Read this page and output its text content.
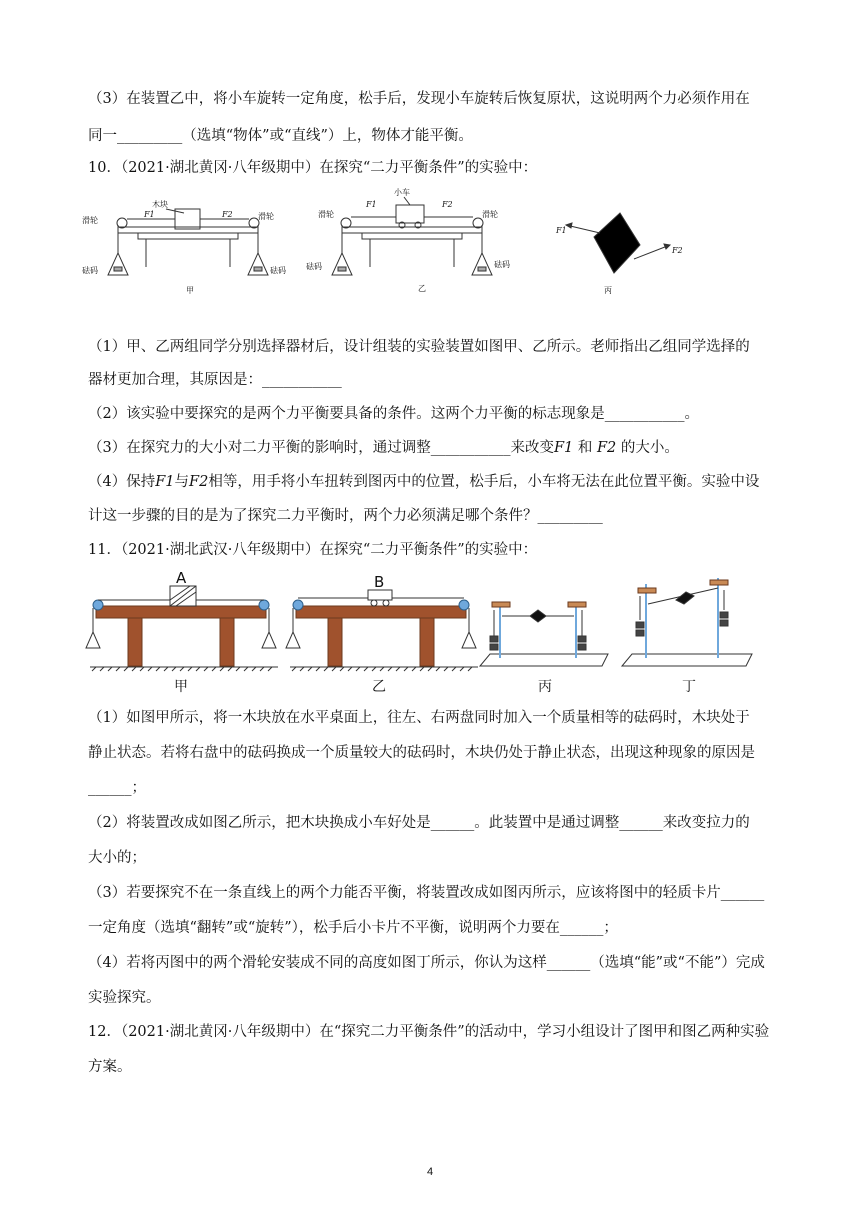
（3）在装置乙中，将小车旋转一定角度，松手后，发现小车旋转后恢复原状，这说明两个力必须作用在
同一_________（选填“物体”或“直线”）上，物体才能平衡。
10．（2021·湖北黄冈·八年级期中）在探究“二力平衡条件”的实验中：
滑轮	滑轮
木块
F1	F2
砝码	砝码
甲
滑轮	滑轮
小车
F1	F2
砝码	砝码
乙
F1
F2
丙
（1）甲、乙两组同学分别选择器材后，设计组装的实验装置如图甲、乙所示。老师指出乙组同学选择的
器材更加合理，其原因是：___________
（2）该实验中要探究的是两个力平衡要具备的条件。这两个力平衡的标志现象是___________。
（3）在探究力的大小对二力平衡的影响时，通过调整___________来改变F1 和 F2 的大小。
（4）保持F1与F2相等，用手将小车扭转到图丙中的位置，松手后，小车将无法在此位置平衡。实验中设
计这一步骤的目的是为了探究二力平衡时，两个力必须满足哪个条件？_________
11．（2021·湖北武汉·八年级期中）在探究“二力平衡条件”的实验中：
A
甲
B
乙	丙	丁
（1）如图甲所示，将一木块放在水平桌面上，往左、右两盘同时加入一个质量相等的砝码时，木块处于
静止状态。若将右盘中的砝码换成一个质量较大的砝码时，木块仍处于静止状态，出现这种现象的原因是
______；
（2）将装置改成如图乙所示，把木块换成小车好处是______。此装置中是通过调整______来改变拉力的
大小的；
（3）若要探究不在一条直线上的两个力能否平衡，将装置改成如图丙所示，应该将图中的轻质卡片______
一定角度（选填“翻转”或“旋转”），松手后小卡片不平衡，说明两个力要在______；
（4）若将丙图中的两个滑轮安装成不同的高度如图丁所示，你认为这样______（选填“能”或“不能”）完成
实验探究。
12．（2021·湖北黄冈·八年级期中）在“探究二力平衡条件”的活动中，学习小组设计了图甲和图乙两种实验
方案。
4
